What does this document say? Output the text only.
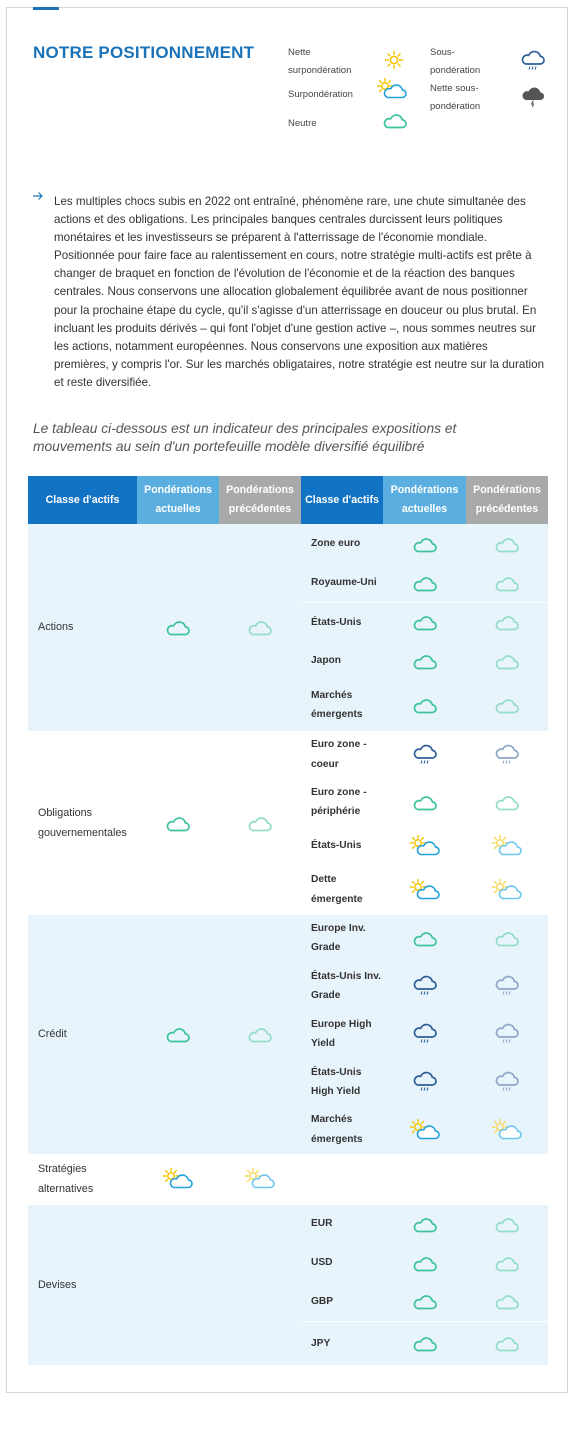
NOTRE POSITIONNEMENT	Nette surpondération
Surpondération
Neutre
Sous-pondération
Nette sous-pondération

Les multiples chocs subis en 2022 ont entraîné, phénomène rare, une chute simultanée des actions et des obligations. Les principales banques centrales durcissent leurs politiques monétaires et les investisseurs se préparent à l'atterrissage de l'économie mondiale. Positionnée pour faire face au ralentissement en cours, notre stratégie multi-actifs est prête à changer de braquet en fonction de l'évolution de l'économie et de la réaction des banques centrales. Nous conservons une allocation globalement équilibrée avant de nous positionner pour la prochaine étape du cycle, qu'il s'agisse d'un atterrissage en douceur ou plus brutal. En incluant les produits dérivés – qui font l'objet d'une gestion active –, nous sommes neutres sur les actions, notamment européennes. Nous conservons une exposition aux matières premières, y compris l'or. Sur les marchés obligataires, notre stratégie est neutre sur la duration et reste diversifiée.

Le tableau ci-dessous est un indicateur des principales expositions et mouvements au sein d'un portefeuille modèle diversifié équilibré

Classe d'actifs	Pondérations actuelles	Pondérations précédentes	Classe d'actifs	Pondérations actuelles	Pondérations précédentes
Actions			Zone euro		
			Royaume-Uni		
			États-Unis		
			Japon		
			Marchés émergents		
Obligations gouvernementales			Euro zone - coeur		
			Euro zone - périphérie		
			États-Unis		
			Dette émergente		
Crédit			Europe Inv. Grade		
			États-Unis Inv. Grade		
			Europe High Yield		
			États-Unis High Yield		
			Marchés émergents		
Stratégies alternatives			
Devises			EUR		
			USD		
			GBP		
			JPY		
